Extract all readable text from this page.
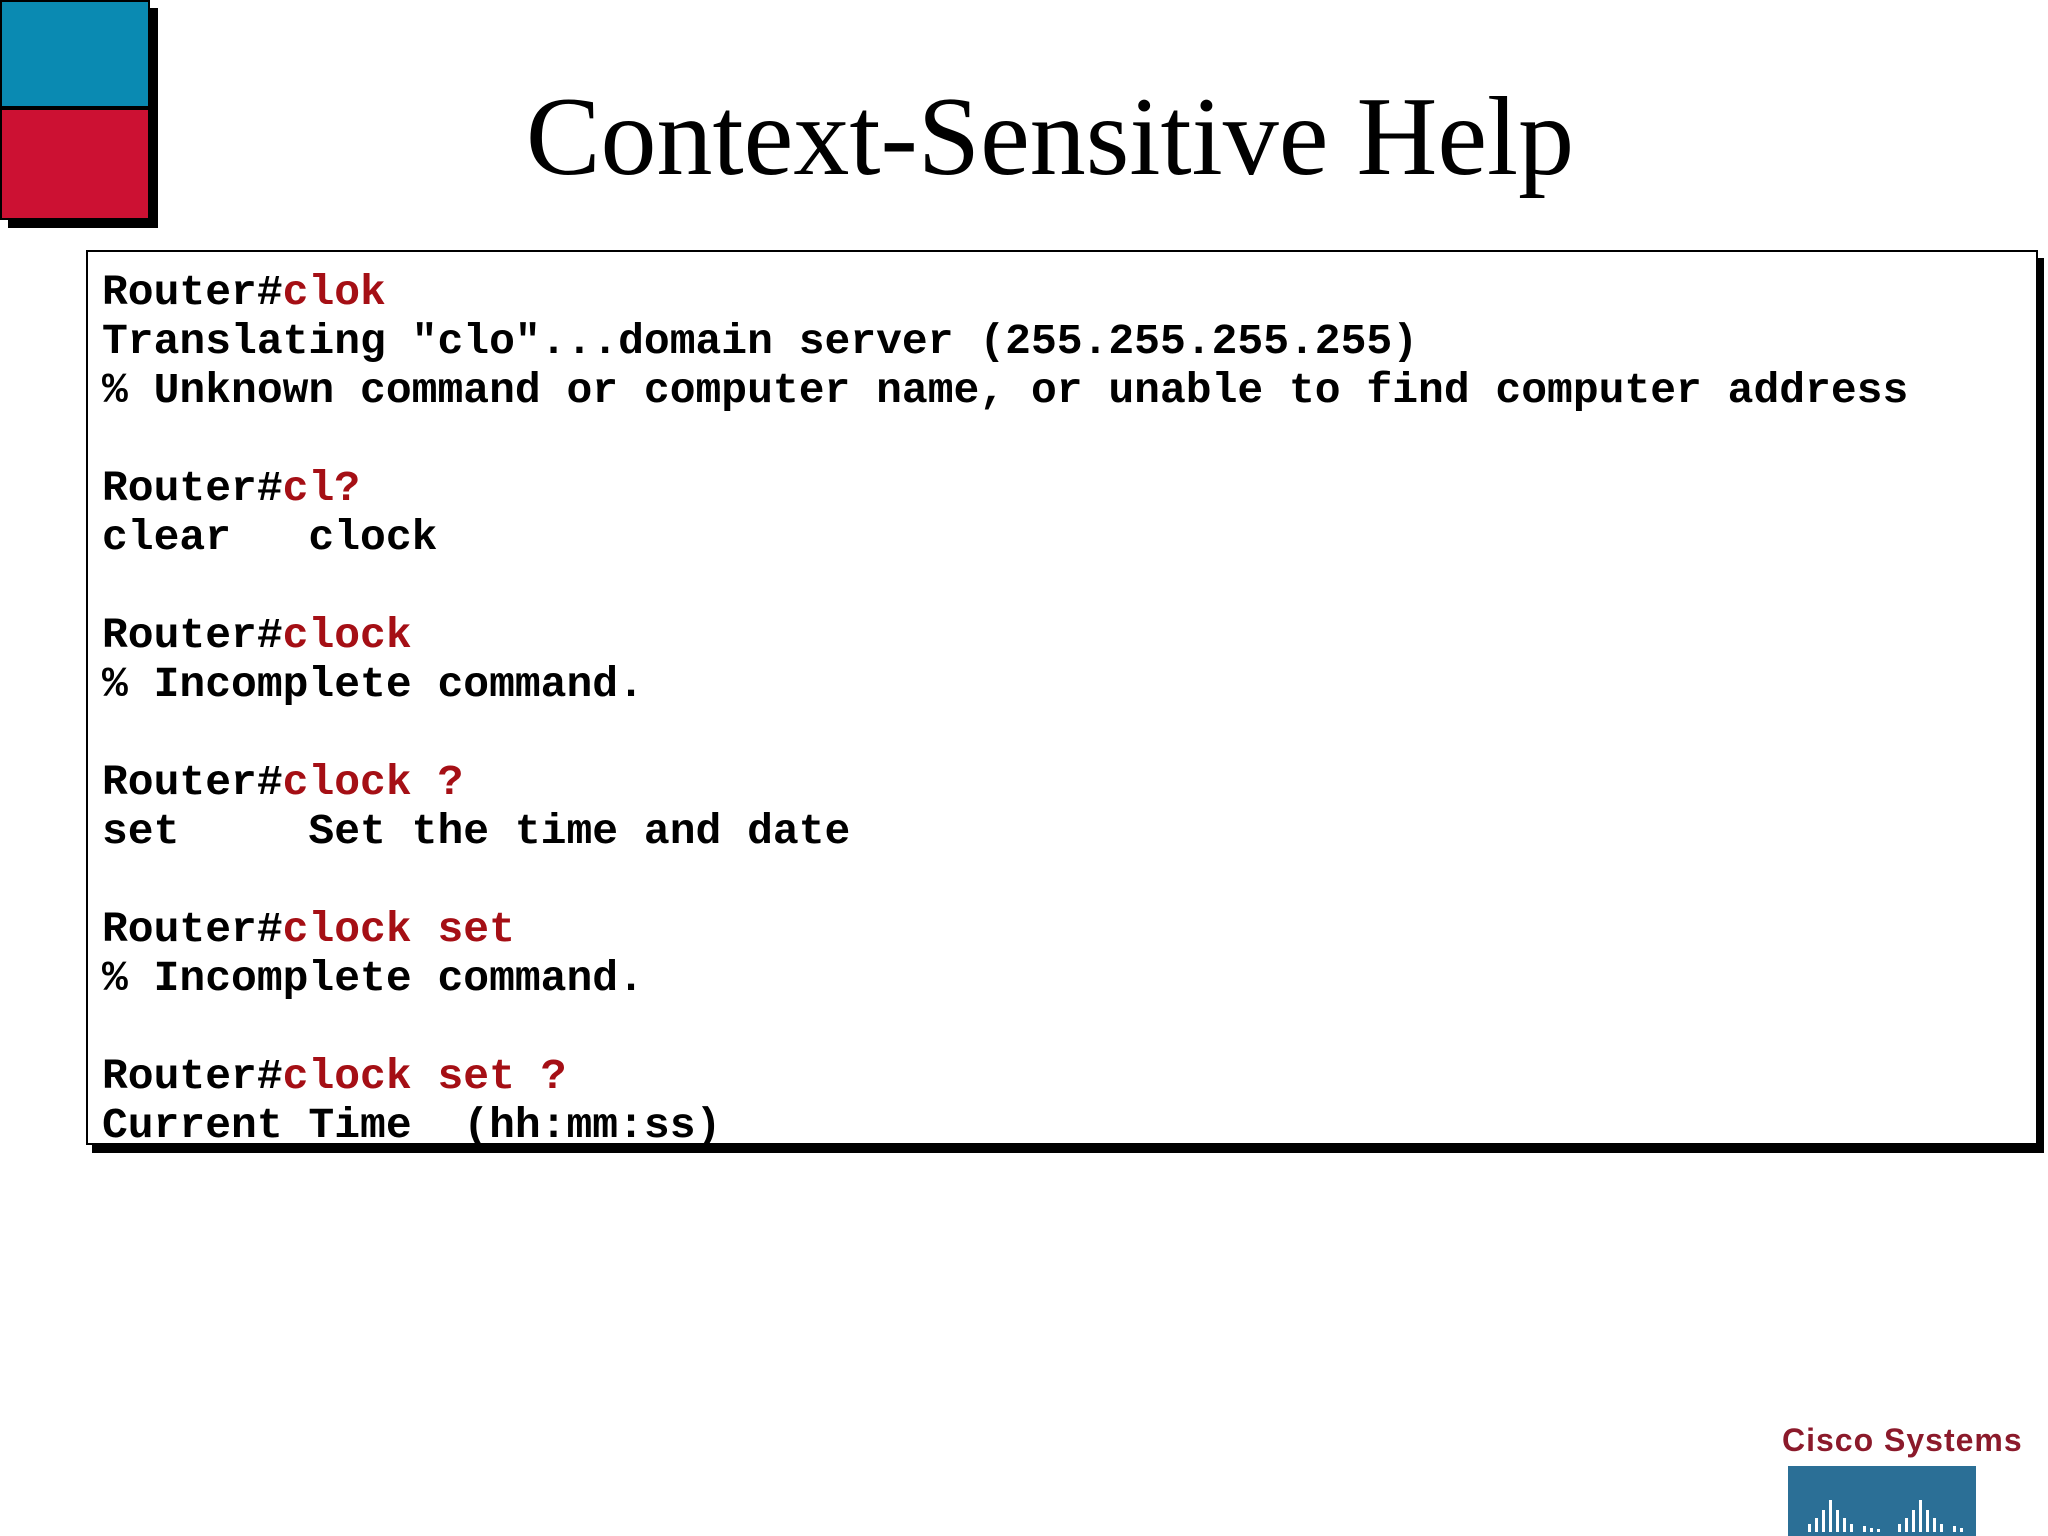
Context-Sensitive Help
Router#clok
Translating "clo"...domain server (255.255.255.255)
% Unknown command or computer name, or unable to find computer address
Router#cl?
clear   clock
Router#clock
% Incomplete command.
Router#clock ?
set     Set the time and date
Router#clock set
% Incomplete command.
Router#clock set ?
Current Time  (hh:mm:ss)
Cisco Systems
